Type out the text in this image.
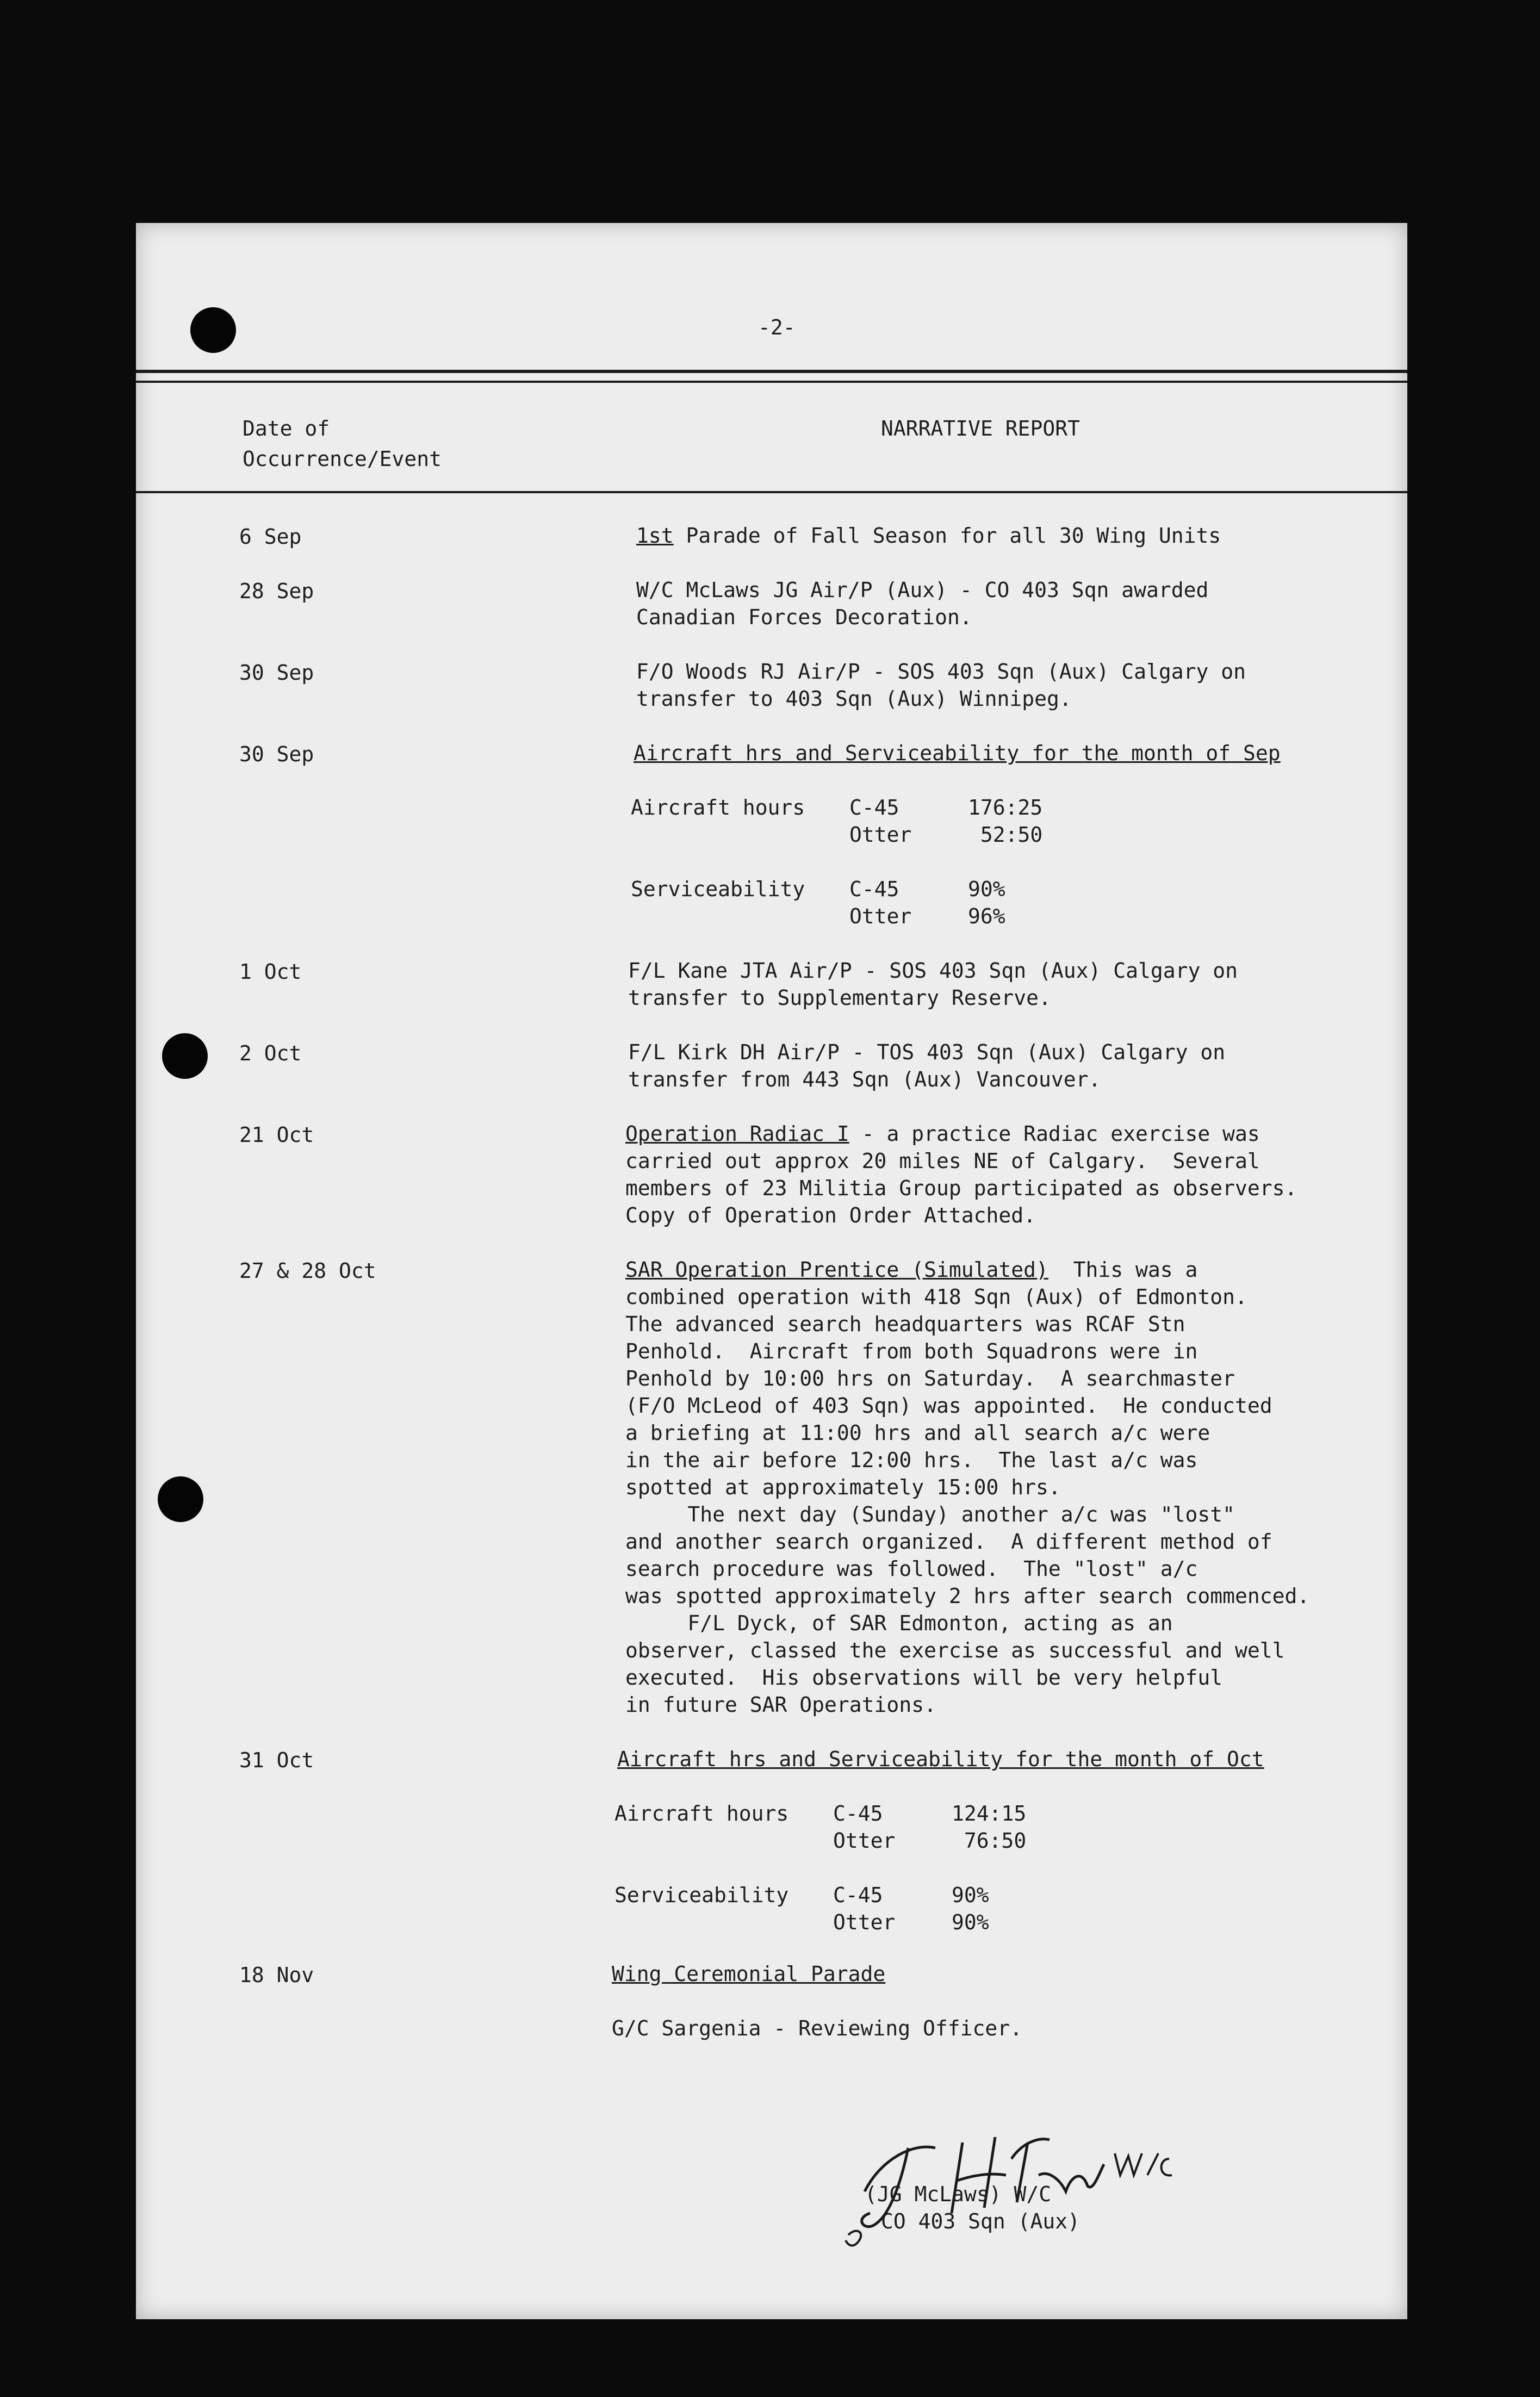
-2-
Date of
Occurrence/Event
NARRATIVE REPORT
6 Sep	1st Parade of Fall Season for all 30 Wing Units
28 Sep	W/C McLaws JG Air/P (Aux) - CO 403 Sqn awarded
Canadian Forces Decoration.
30 Sep	F/O Woods RJ Air/P - SOS 403 Sqn (Aux) Calgary on
transfer to 403 Sqn (Aux) Winnipeg.
30 Sep	Aircraft hrs and Serviceability for the month of Sep
Aircraft hours C-45	176:25
Otter	52:50
Serviceability C-45	90%
Otter	96%
1 Oct	F/L Kane JTA Air/P - SOS 403 Sqn (Aux) Calgary on
transfer to Supplementary Reserve.
2 Oct	F/L Kirk DH Air/P - TOS 403 Sqn (Aux) Calgary on
transfer from 443 Sqn (Aux) Vancouver.
21 Oct	Operation Radiac I - a practice Radiac exercise was
carried out approx 20 miles NE of Calgary.  Several
members of 23 Militia Group participated as observers.
Copy of Operation Order Attached.
27 & 28 Oct	SAR Operation Prentice (Simulated)  This was a
combined operation with 418 Sqn (Aux) of Edmonton.
The advanced search headquarters was RCAF Stn
Penhold.  Aircraft from both Squadrons were in
Penhold by 10:00 hrs on Saturday.  A searchmaster
(F/O McLeod of 403 Sqn) was appointed.  He conducted
a briefing at 11:00 hrs and all search a/c were
in the air before 12:00 hrs.  The last a/c was
spotted at approximately 15:00 hrs.
The next day (Sunday) another a/c was "lost"
and another search organized.  A different method of
search procedure was followed.  The "lost" a/c
was spotted approximately 2 hrs after search commenced.
F/L Dyck, of SAR Edmonton, acting as an
observer, classed the exercise as successful and well
executed.  His observations will be very helpful
in future SAR Operations.
31 Oct	Aircraft hrs and Serviceability for the month of Oct
Aircraft hours C-45	124:15
Otter	76:50
Serviceability C-45	90%
Otter	90%
18 Nov	Wing Ceremonial Parade
G/C Sargenia - Reviewing Officer.
(JG McLaws) W/C
CO 403 Sqn (Aux)
